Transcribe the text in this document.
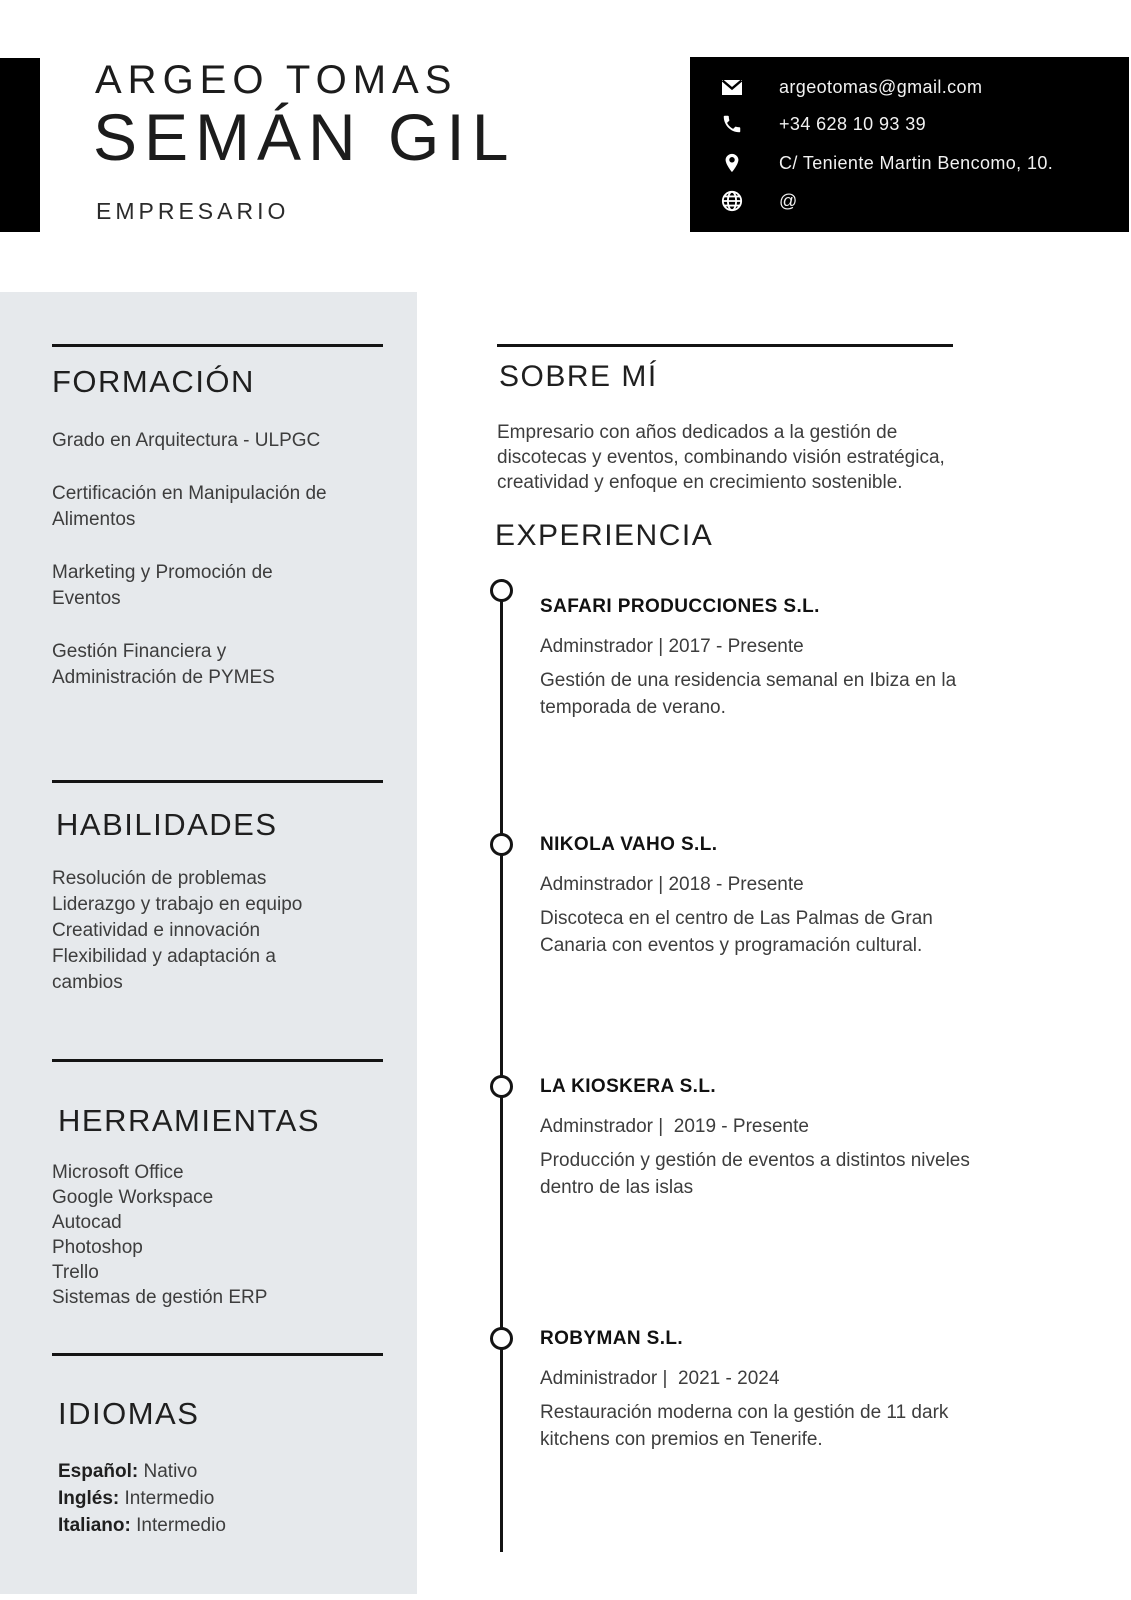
ARGEO TOMAS
SEMÁN GIL
EMPRESARIO
argeotomas@gmail.com
+34 628 10 93 39
C/ Teniente Martin Bencomo, 10.
@
FORMACIÓN
Grado en Arquitectura - ULPGC
Certificación en Manipulación de Alimentos
Marketing y Promoción de Eventos
Gestión Financiera y Administración de PYMES
HABILIDADES
Resolución de problemas
Liderazgo y trabajo en equipo
Creatividad e innovación
Flexibilidad y adaptación a cambios
HERRAMIENTAS
Microsoft Office
Google Workspace
Autocad
Photoshop
Trello
Sistemas de gestión ERP
IDIOMAS
Español: Nativo
Inglés: Intermedio
Italiano: Intermedio
SOBRE MÍ
Empresario con años dedicados a la gestión de discotecas y eventos, combinando visión estratégica, creatividad y enfoque en crecimiento sostenible.
EXPERIENCIA
SAFARI PRODUCCIONES S.L.
Adminstrador | 2017 - Presente
Gestión de una residencia semanal en Ibiza en la temporada de verano.
NIKOLA VAHO S.L.
Adminstrador | 2018 - Presente
Discoteca en el centro de Las Palmas de Gran Canaria con eventos y programación cultural.
LA KIOSKERA S.L.
Adminstrador |  2019 - Presente
Producción y gestión de eventos a distintos niveles dentro de las islas
ROBYMAN S.L.
Administrador |  2021 - 2024
Restauración moderna con la gestión de 11 dark kitchens con premios en Tenerife.
